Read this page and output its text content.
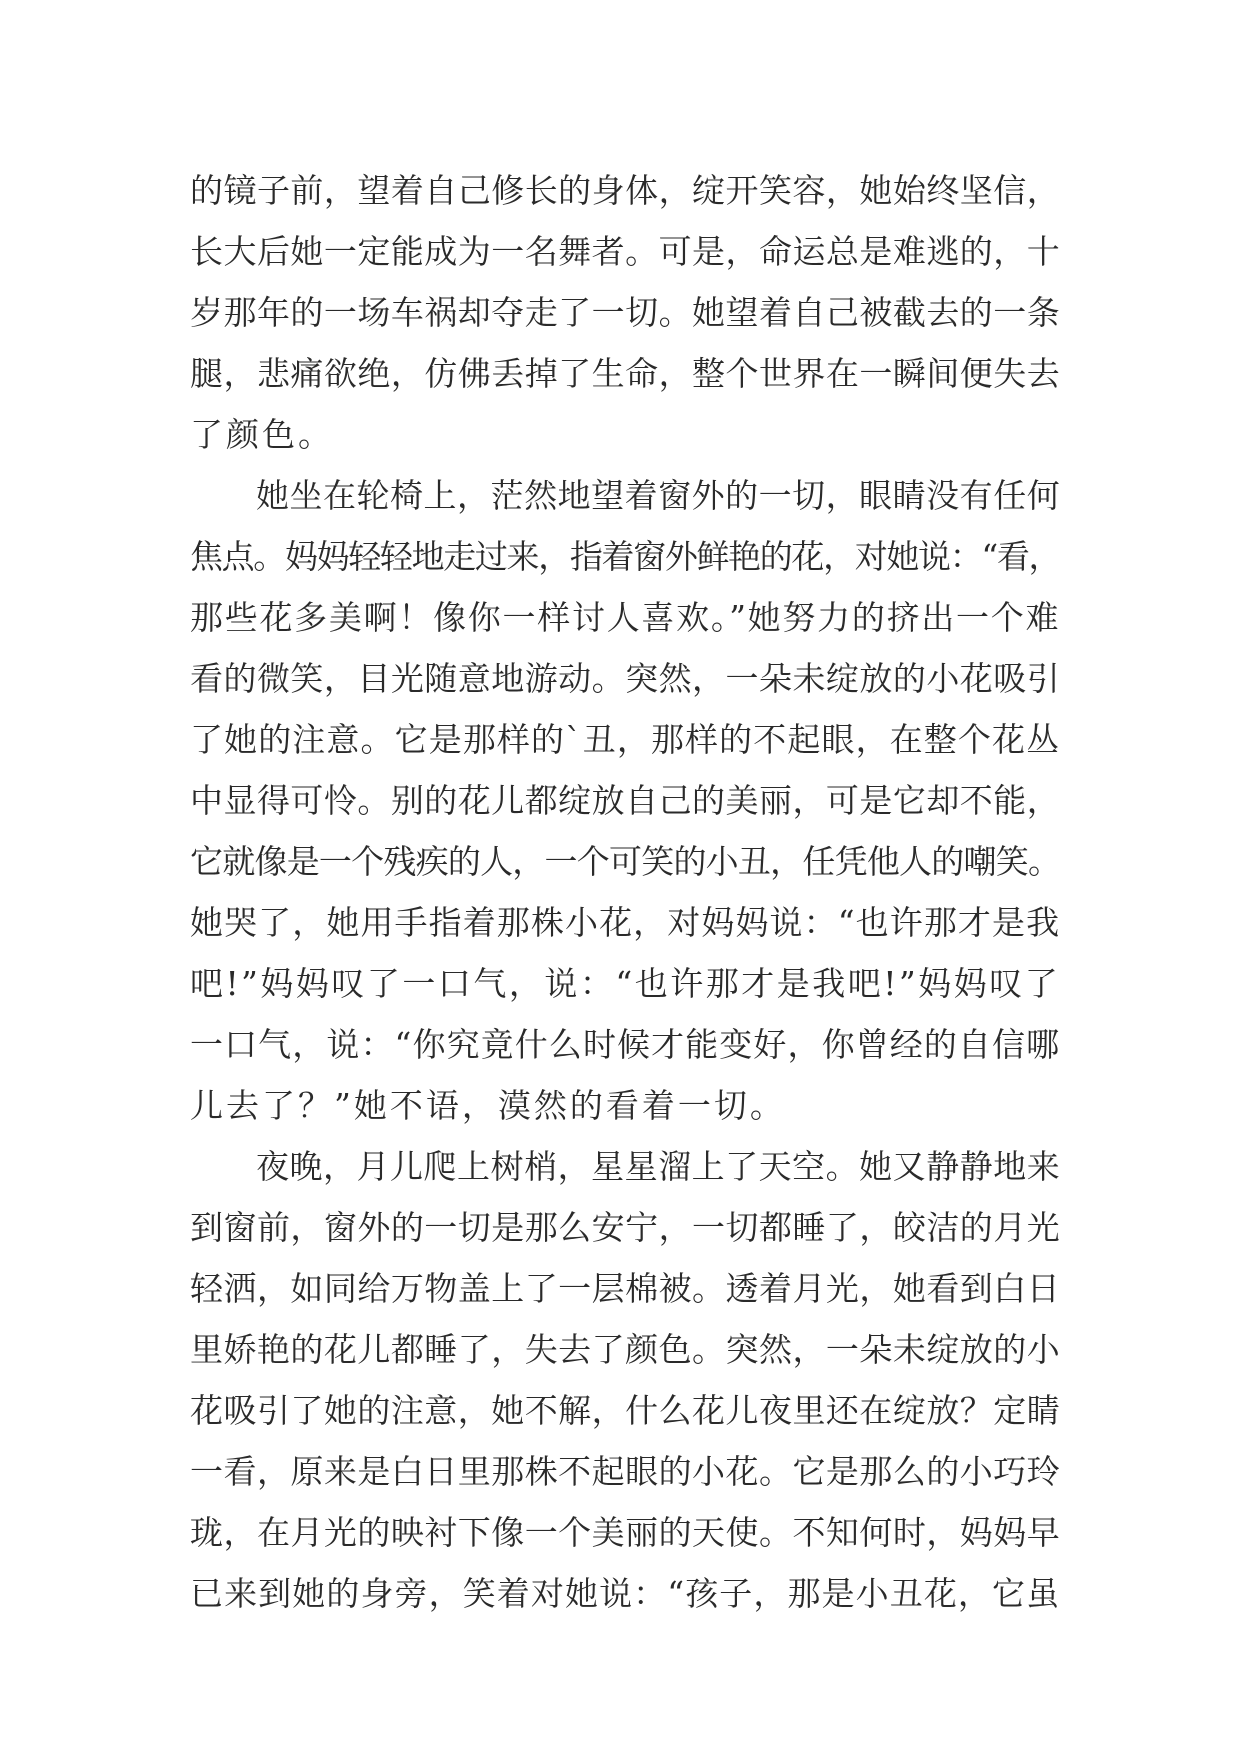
的镜子前，望着自己修长的身体，绽开笑容，她始终坚信，
长大后她一定能成为一名舞者。可是，命运总是难逃的，十
岁那年的一场车祸却夺走了一切。她望着自己被截去的一条
腿，悲痛欲绝，仿佛丢掉了生命，整个世界在一瞬间便失去
了颜色。
她坐在轮椅上，茫然地望着窗外的一切，眼睛没有任何
焦点。妈妈轻轻地走过来，指着窗外鲜艳的花，对她说：“看，
那些花多美啊！像你一样讨人喜欢。”她努力的挤出一个难
看的微笑，目光随意地游动。突然，一朵未绽放的小花吸引
了她的注意。它是那样的`丑，那样的不起眼，在整个花丛
中显得可怜。别的花儿都绽放自己的美丽，可是它却不能，
它就像是一个残疾的人，一个可笑的小丑，任凭他人的嘲笑。
她哭了，她用手指着那株小花，对妈妈说：“也许那才是我
吧!”妈妈叹了一口气，说：“也许那才是我吧!”妈妈叹了
一口气，说：“你究竟什么时候才能变好，你曾经的自信哪
儿去了？”她不语，漠然的看着一切。
夜晚，月儿爬上树梢，星星溜上了天空。她又静静地来
到窗前，窗外的一切是那么安宁，一切都睡了，皎洁的月光
轻洒，如同给万物盖上了一层棉被。透着月光，她看到白日
里娇艳的花儿都睡了，失去了颜色。突然，一朵未绽放的小
花吸引了她的注意，她不解，什么花儿夜里还在绽放？定睛
一看，原来是白日里那株不起眼的小花。它是那么的小巧玲
珑，在月光的映衬下像一个美丽的天使。不知何时，妈妈早
已来到她的身旁，笑着对她说：“孩子，那是小丑花，它虽
